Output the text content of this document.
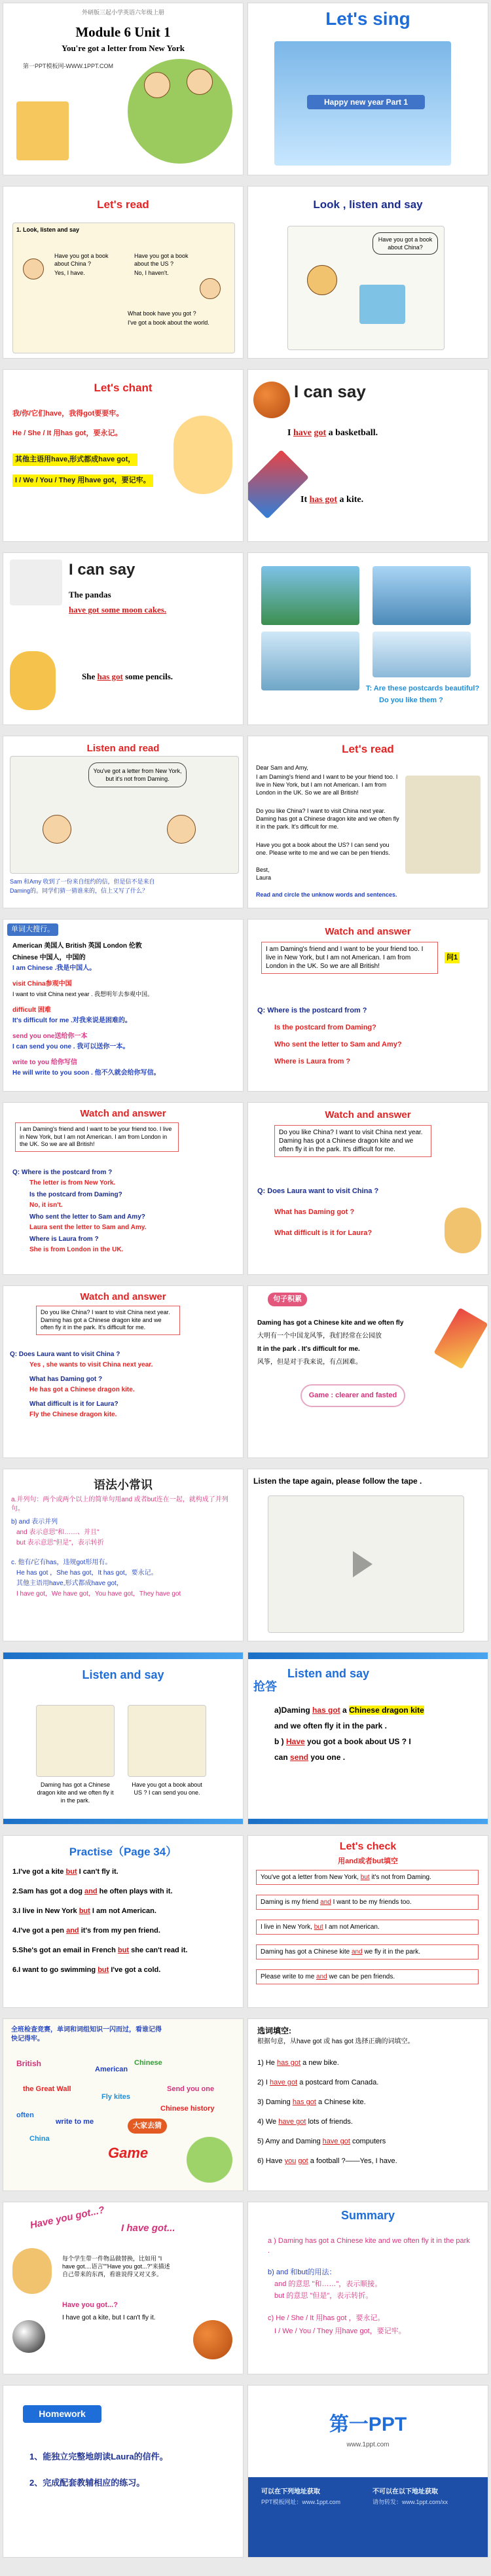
外研版三起小学英语六年级上册
Module 6 Unit 1
You're got a letter from New York
第一PPT模板网-WWW.1PPT.COM
Let's sing
Happy new year Part 1
Let's read
1. Look, listen and say
Have you got a book about China ?
Yes, I have.
Have you got a book about the US ?
No, I haven't.
What book have you got ?
I've got a book about the world.
Look , listen and say
Have you got a book about China?
Let's chant
我/你/它们have，我得got要要牢。
He / She / It 用has got，要永记。
其他主语用have,形式都成have got，
I / We / You / They 用have got，要记牢。
I can say
I have got a basketball.
It has got a kite.
I can say
The pandas
have got some moon cakes.
She has got some pencils.
T: Are these postcards beautiful?
Do you like them ?
Listen and read
You've got a letter from New York, but it's not from Daming.
Sam 和Amy 收到了一份来自纽约的信，但是信不是来自
Daming的。同学们猜一猜谁来的，信上又写了什么？
Let's read
Dear Sam and Amy,
I am Daming's friend and I want to be your friend too. I live in New York, but I am not American. I am from London in the UK. So we are all British!
Do you like China? I want to visit China next year. Daming has got a Chinese dragon kite and we often fly it in the park. It's difficult for me.
Have you got a book about the US? I can send you one. Please write to me and we can be pen friends.
Best,
Laura
Read and circle the unknow words and sentences.
单词大搜行。
American 美国人 British 英国 London 伦敦
Chinese 中国人，中国的
I am Chinese .我是中国人。
visit China参观中国
I want to visit China next year . 我想明年去参观中国。
difficult 困难
It's difficult for me .对我来说是困难的。
send you one送给你一本
I can send you one . 我可以送你一本。
write to you 给你写信
He will write to you soon . 他不久就会给你写信。
Watch and answer
I am Daming's friend and I want to be your friend too. I live in New York, but I am not American. I am from London in the UK. So we are all British!
问1
Q: Where is the postcard from ?
Is the postcard from Daming?
Who sent the letter to Sam and Amy?
Where is Laura from ?
Watch and answer
I am Daming's friend and I want to be your friend too. I live in New York, but I am not American. I am from London in the UK. So we are all British!
Q: Where is the postcard from ?
The letter is from New York.
Is the postcard from Daming?
No, it isn't.
Who sent the letter to Sam and Amy?
Laura sent the letter to Sam and Amy.
Where is Laura from ?
She is from London in the UK.
Watch and answer
Do you like China? I want to visit China next year. Daming has got a Chinese dragon kite and we often fly it in the park. It's difficult for me.
Q: Does Laura want to visit China ?
What has Daming got ?
What difficult is it for Laura?
Watch and answer
Do you like China? I want to visit China next year. Daming has got a Chinese dragon kite and we often fly it in the park. It's difficult for me.
Q: Does Laura want to visit China ?
Yes , she wants to visit China next year.
What has Daming got ?
He has got a Chinese dragon kite.
What difficult is it for Laura?
Fly the Chinese dragon kite.
句子积累
Daming has got a Chinese kite and we often fly
大明有一个中国龙风筝，我们经常在公园放
It in the park . It's difficult for me.
风筝，但是对于我来说，有点困难。
Game : clearer and fasted
语法小常识
a.并列句：两个或两个以上的简单句用and 或者but连在一起，就构成了并列句。
b) and 表示并列
and 表示意思"和……、并且"
but 表示意思"但是"，表示转折
c. 他有/它有has，违规got形用有。
He has got ，She has got，It has got，要永记。
其他主语用have,形式都成have got，
I have got，We have got，You have got，They have got
Listen the tape again, please follow the tape .
Listen and say
Daming has got a Chinese dragon kite and we often fly it in the park.
Have you got a book about US ? I can send you one.
Listen and say
抢答
a)Daming has got a Chinese dragon kite
and we often fly it in the park .
b ) Have you got a book about US ? I
can send you one .
Practise（Page 34）
1.I've got a kite but I can't fly it.
2.Sam has got a dog and he often plays with it.
3.I live in New York but I am not American.
4.I've got a pen and it's from my pen friend.
5.She's got an email in French but she can't read it.
6.I want to go swimming but I've got a cold.
Let's check
用and或者but填空
You've got a letter from New York, but it's not from Daming.
Daming is my friend and I want to be my friends too.
I live in New York, but I am not American.
Daming has got a Chinese kite and we fly it in the park.
Please write to me and we can be pen friends.
全班检查竞赛，单词和词组知识一闪而过，看谁记得快记得牢。
British
American
the Great Wall
Fly kites
Send you one
Chinese history
often
write to me
China
Chinese
大家去猜
Game
选词填空:
根据句意，从have got 或 has got 选择正确的词填空。
1) He has got a new bike.
2) I have got a postcard from Canada.
3) Daming has got a Chinese kite.
4) We have got lots of friends.
5) Amy and Daming have got computers
6) Have you got a football ?——Yes, I have.
Have you got...? I have got...
每个学生带一件物品做替换，比如用 "I have got....语言""Have you got...?"来描述自己带来的东西，看谁说得又对又多。
Have you got...?
I have got a kite, but I can't fly it.
Summary
a ) Daming has got a Chinese kite and we often fly it in the park .
b) and 和but的用法：
and 的意思 "和……"，表示顺接。
but 的意思 "但是"，表示转折。
c) He / She / It 用has got ，要永记。
I / We / You / They 用have got，要记牢。
Homework
1、能独立完整地朗读Laura的信件。
2、完成配套教辅相应的练习。
第一PPT
www.1ppt.com
可以在下列地址获取
PPT模板网址：www.1ppt.com
不可以在以下地址获取
请勿转发：www.1ppt.com/xx
